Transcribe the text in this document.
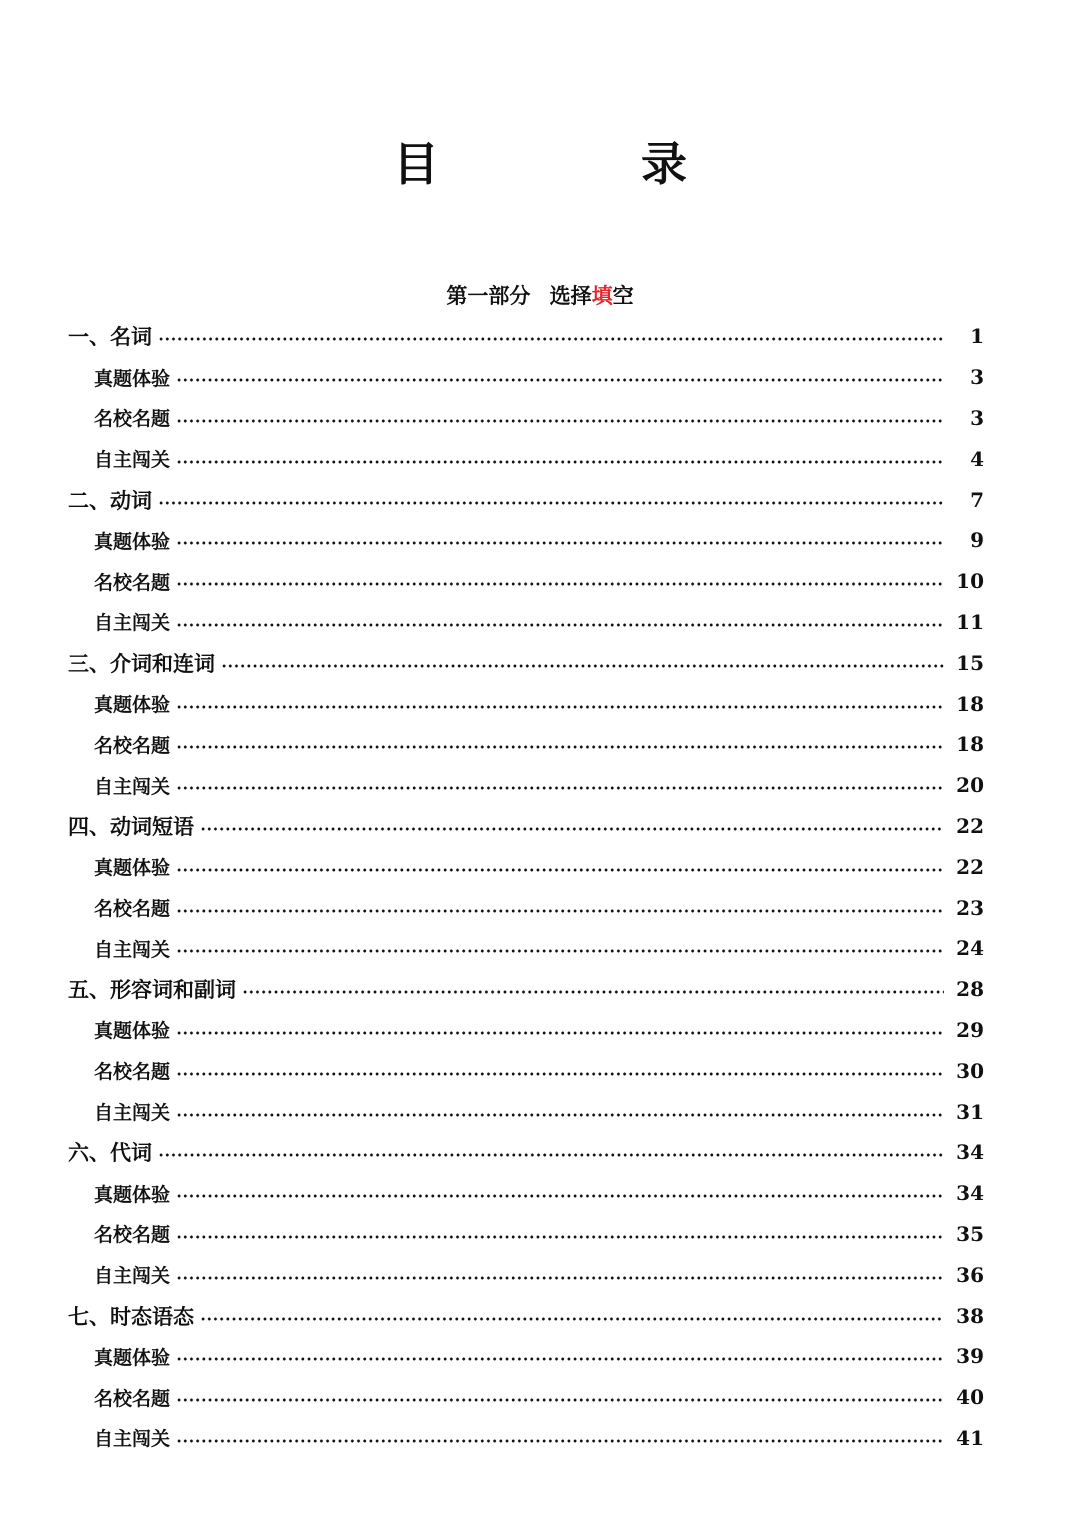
目　录
第一部分 选择填空
一、名词	1
真题体验	3
名校名题	3
自主闯关	4
二、动词	7
真题体验	9
名校名题	10
自主闯关	11
三、介词和连词	15
真题体验	18
名校名题	18
自主闯关	20
四、动词短语	22
真题体验	22
名校名题	23
自主闯关	24
五、形容词和副词	28
真题体验	29
名校名题	30
自主闯关	31
六、代词	34
真题体验	34
名校名题	35
自主闯关	36
七、时态语态	38
真题体验	39
名校名题	40
自主闯关	41
